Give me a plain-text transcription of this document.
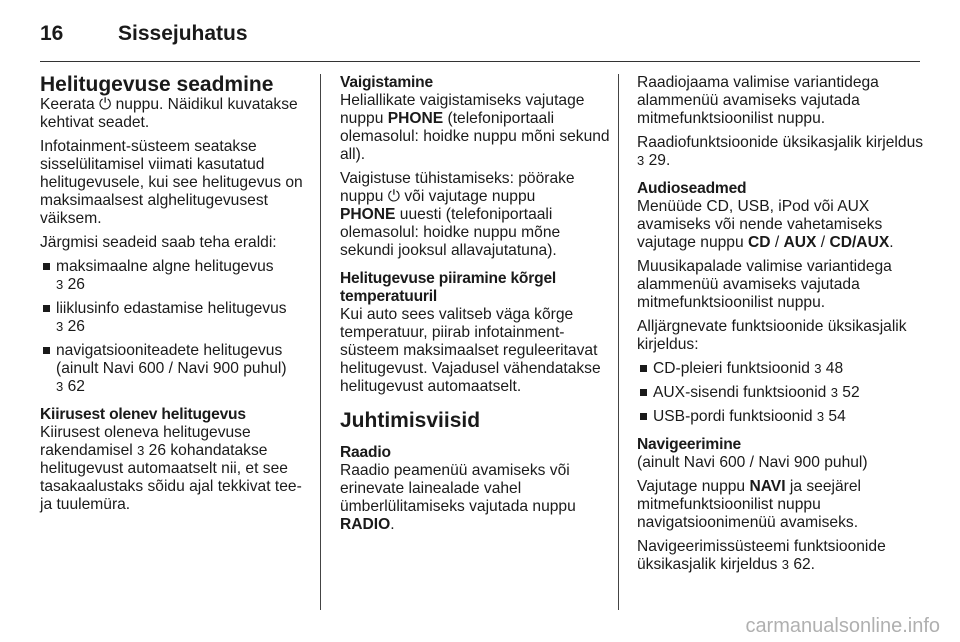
16	Sissejuhatus
Helitugevuse seadmine

Keerata ⏻ nuppu. Näidikul kuvatakse kehtivat seadet.

Infotainment-süsteem seatakse sisselülitamisel viimati kasutatud helitugevusele, kui see helitugevus on maksimaalsest alghelitugevusest väiksem.

Järgmisi seadeid saab teha eraldi:

maksimaalne algne helitugevus
3 26
liiklusinfo edastamise helitugevus
3 26
navigatsiooniteadete helitugevus (ainult Navi 600 / Navi 900 puhul)
3 62
Kiirusest olenev helitugevus

Kiirusest oleneva helitugevuse rakendamisel 3 26 kohandatakse helitugevust automaatselt nii, et see tasakaalustaks sõidu ajal tekkivat tee- ja tuulemüra.

Vaigistamine

Heliallikate vaigistamiseks vajutage nuppu PHONE (telefoniportaali olemasolul: hoidke nuppu mõni sekund all).

Vaigistuse tühistamiseks: pöörake nuppu ⏻ või vajutage nuppu
PHONE uuesti (telefoniportaali olemasolul: hoidke nuppu mõne sekundi jooksul allavajutatuna).

Helitugevuse piiramine kõrgel temperatuuril

Kui auto sees valitseb väga kõrge temperatuur, piirab infotainment-süsteem maksimaalset reguleeritavat helitugevust. Vajadusel vähendatakse helitugevust automaatselt.

Juhtimisviisid
Raadio

Raadio peamenüü avamiseks või erinevate lainealade vahel ümberlülitamiseks vajutada nuppu RADIO.

Raadiojaama valimise variantidega alammenüü avamiseks vajutada mitmefunktsioonilist nuppu.

Raadiofunktsioonide üksikasjalik kirjeldus 3 29.

Audioseadmed

Menüüde CD, USB, iPod või AUX avamiseks või nende vahetamiseks vajutage nuppu CD / AUX / CD/AUX.

Muusikapalade valimise variantidega alammenüü avamiseks vajutada mitmefunktsioonilist nuppu.

Alljärgnevate funktsioonide üksikasjalik kirjeldus:

CD-pleieri funktsioonid 3 48
AUX-sisendi funktsioonid 3 52
USB-pordi funktsioonid 3 54
Navigeerimine

(ainult Navi 600 / Navi 900 puhul)

Vajutage nuppu NAVI ja seejärel mitmefunktsioonilist nuppu navigatsioonimenüü avamiseks.

Navigeerimissüsteemi funktsioonide üksikasjalik kirjeldus 3 62.

carmanualsonline.info
